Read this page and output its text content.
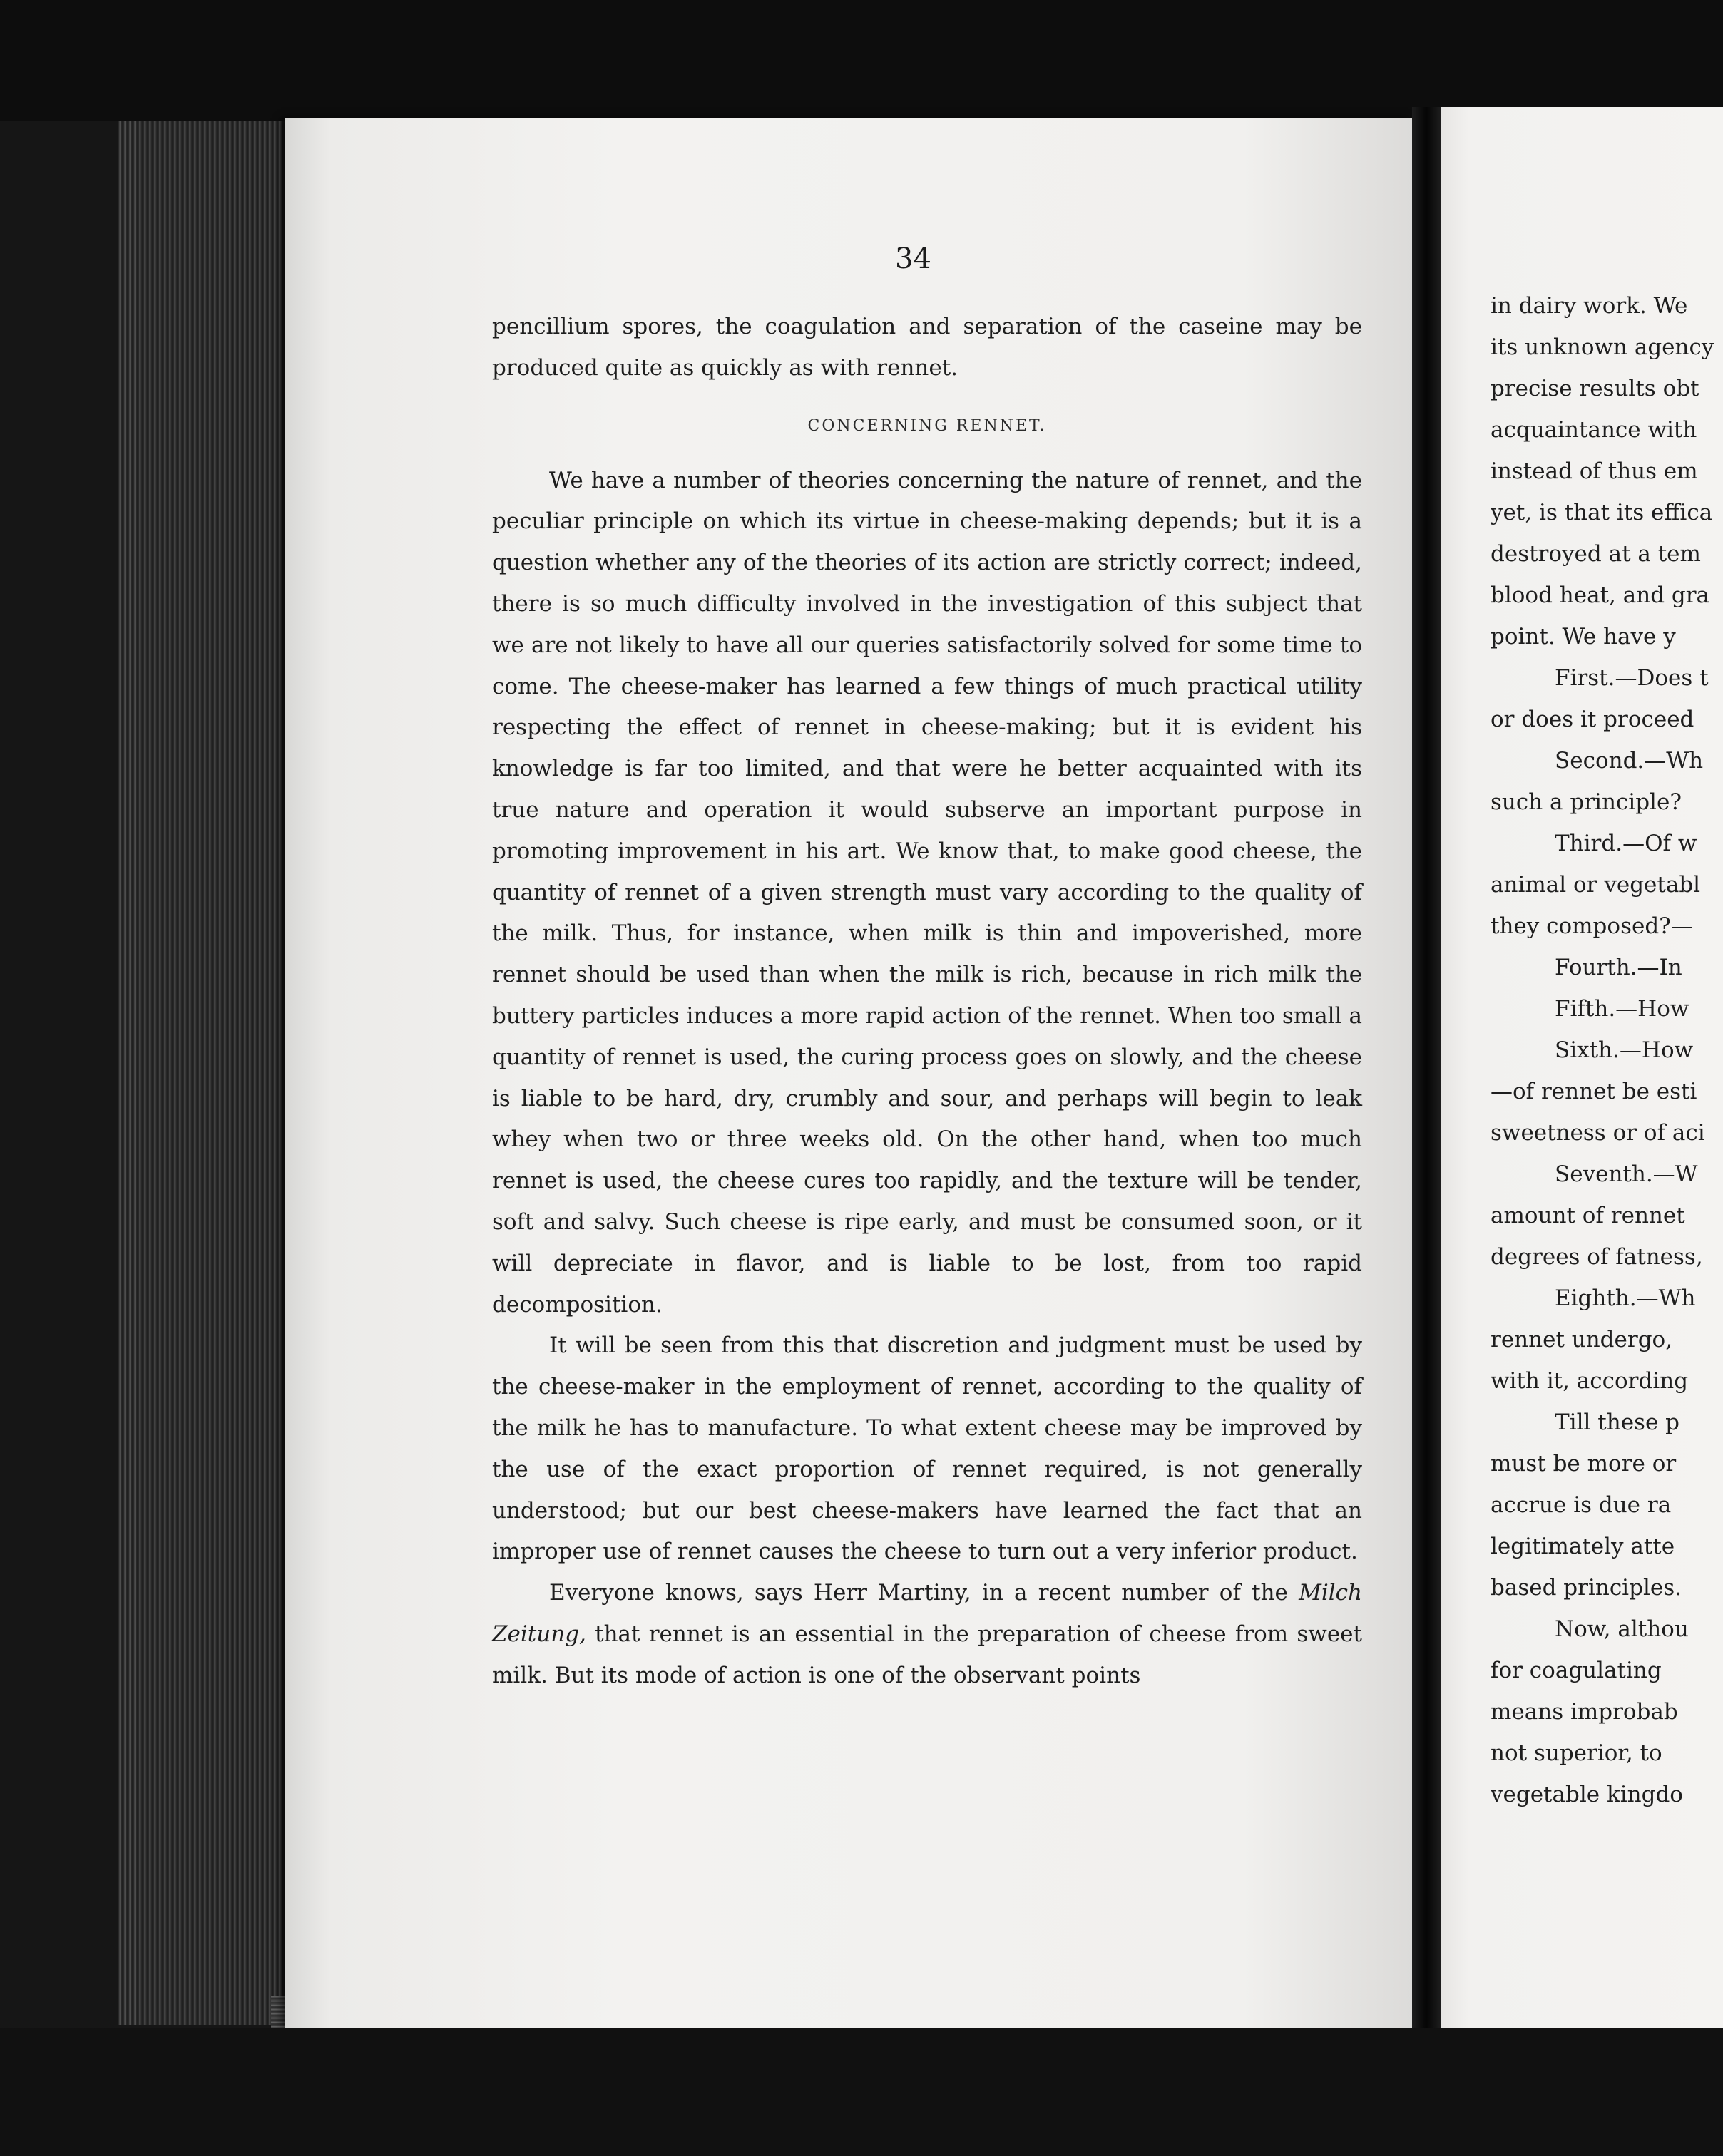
34

pencillium spores, the coagulation and separation of the caseine may be produced quite as quickly as with rennet.

CONCERNING RENNET.

We have a number of theories concerning the nature of rennet, and the peculiar principle on which its virtue in cheese-making depends; but it is a question whether any of the theories of its action are strictly correct; indeed, there is so much difficulty involved in the investigation of this subject that we are not likely to have all our queries satisfactorily solved for some time to come. The cheese-maker has learned a few things of much practical utility respecting the effect of rennet in cheese-making; but it is evident his knowledge is far too limited, and that were he better acquainted with its true nature and operation it would subserve an important purpose in promoting improvement in his art. We know that, to make good cheese, the quantity of rennet of a given strength must vary according to the quality of the milk. Thus, for instance, when milk is thin and impoverished, more rennet should be used than when the milk is rich, because in rich milk the buttery particles induces a more rapid action of the rennet. When too small a quantity of rennet is used, the curing process goes on slowly, and the cheese is liable to be hard, dry, crumbly and sour, and perhaps will begin to leak whey when two or three weeks old. On the other hand, when too much rennet is used, the cheese cures too rapidly, and the texture will be tender, soft and salvy. Such cheese is ripe early, and must be consumed soon, or it will depreciate in flavor, and is liable to be lost, from too rapid decomposition.

It will be seen from this that discretion and judgment must be used by the cheese-maker in the employment of rennet, according to the quality of the milk he has to manufacture. To what extent cheese may be improved by the use of the exact proportion of rennet required, is not generally understood; but our best cheese-makers have learned the fact that an improper use of rennet causes the cheese to turn out a very inferior product.

Everyone knows, says Herr Martiny, in a recent number of the Milch Zeitung, that rennet is an essential in the preparation of cheese from sweet milk. But its mode of action is one of the observant points

in dairy work. We
its unknown agency
precise results obt
acquaintance with
instead of thus em
yet, is that its effica
destroyed at a tem
blood heat, and gra
point. We have y
First.—Does t
or does it proceed
Second.—Wh
such a principle?
Third.—Of w
animal or vegetabl
they composed?—
Fourth.—In
Fifth.—How
Sixth.—How
—of rennet be esti
sweetness or of aci
Seventh.—W
amount of rennet
degrees of fatness,
Eighth.—Wh
rennet undergo,
with it, according
Till these p
must be more or
accrue is due ra
legitimately atte
based principles.
Now, althou
for coagulating
means improbab
not superior, to
vegetable kingdo
